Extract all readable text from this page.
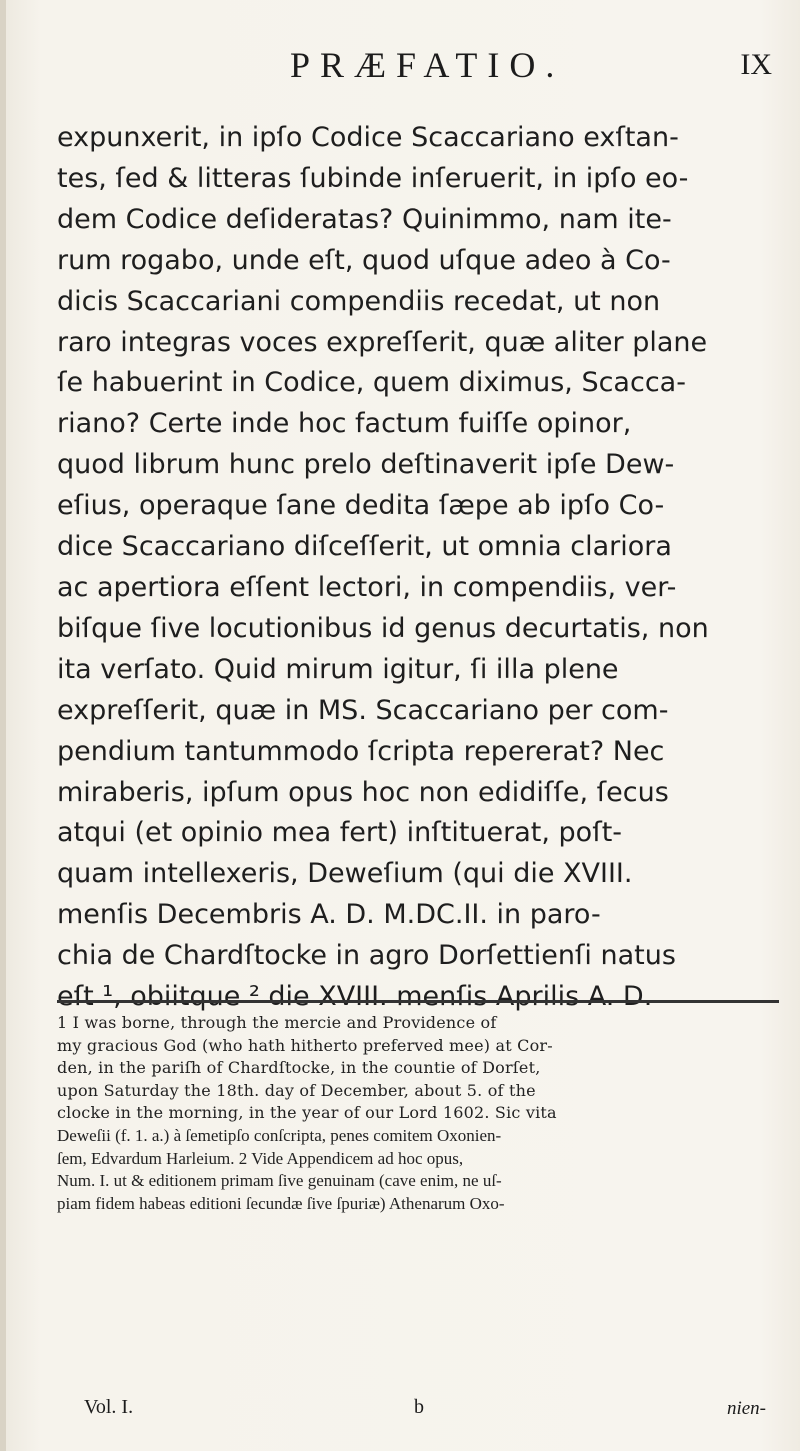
PRÆFATIO.	IX
expunxerit, in ipſo Codice Scaccariano exſtan-
tes, ſed & litteras ſubinde inſeruerit, in ipſo eo-
dem Codice deſideratas? Quinimmo, nam ite-
rum rogabo, unde eſt, quod uſque adeo à Co-
dicis Scaccariani compendiis recedat, ut non
raro integras voces expreſſerit, quæ aliter plane
ſe habuerint in Codice, quem diximus, Scacca-
riano? Certe inde hoc factum fuiſſe opinor,
quod librum hunc prelo deſtinaverit ipſe Dew-
eſius, operaque ſane dedita ſæpe ab ipſo Co-
dice Scaccariano diſceſſerit, ut omnia clariora
ac apertiora eſſent lectori, in compendiis, ver-
biſque ſive locutionibus id genus decurtatis, non
ita verſato. Quid mirum igitur, ſi illa plene
expreſſerit, quæ in MS. Scaccariano per com-
pendium tantummodo ſcripta repererat? Nec
miraberis, ipſum opus hoc non edidiſſe, ſecus
atqui (et opinio mea fert) inſtituerat, poſt-
quam intellexeris, Deweſium (qui die XVIII.
menſis Decembris A. D. M.DC.II. in paro-
chia de Chardſtocke in agro Dorſettienſi natus
eſt ¹, obiitque ² die XVIII. menſis Aprilis A. D.
1 I was borne, through the mercie and Providence of
my gracious God (who hath hitherto preferved mee) at Cor-
den, in the pariſh of Chardſtocke, in the countie of Dorſet,
upon Saturday the 18th. day of December, about 5. of the
clocke in the morning, in the year of our Lord 1602. Sic vita
Deweſii (f. 1. a.) à ſemetipſo conſcripta, penes comitem Oxonien-
ſem, Edvardum Harleium. 2 Vide Appendicem ad hoc opus,
Num. I. ut & editionem primam ſive genuinam (cave enim, ne uſ-
piam fidem habeas editioni ſecundæ ſive ſpuriæ) Athenarum Oxo-
Vol. I.	b	nien-
